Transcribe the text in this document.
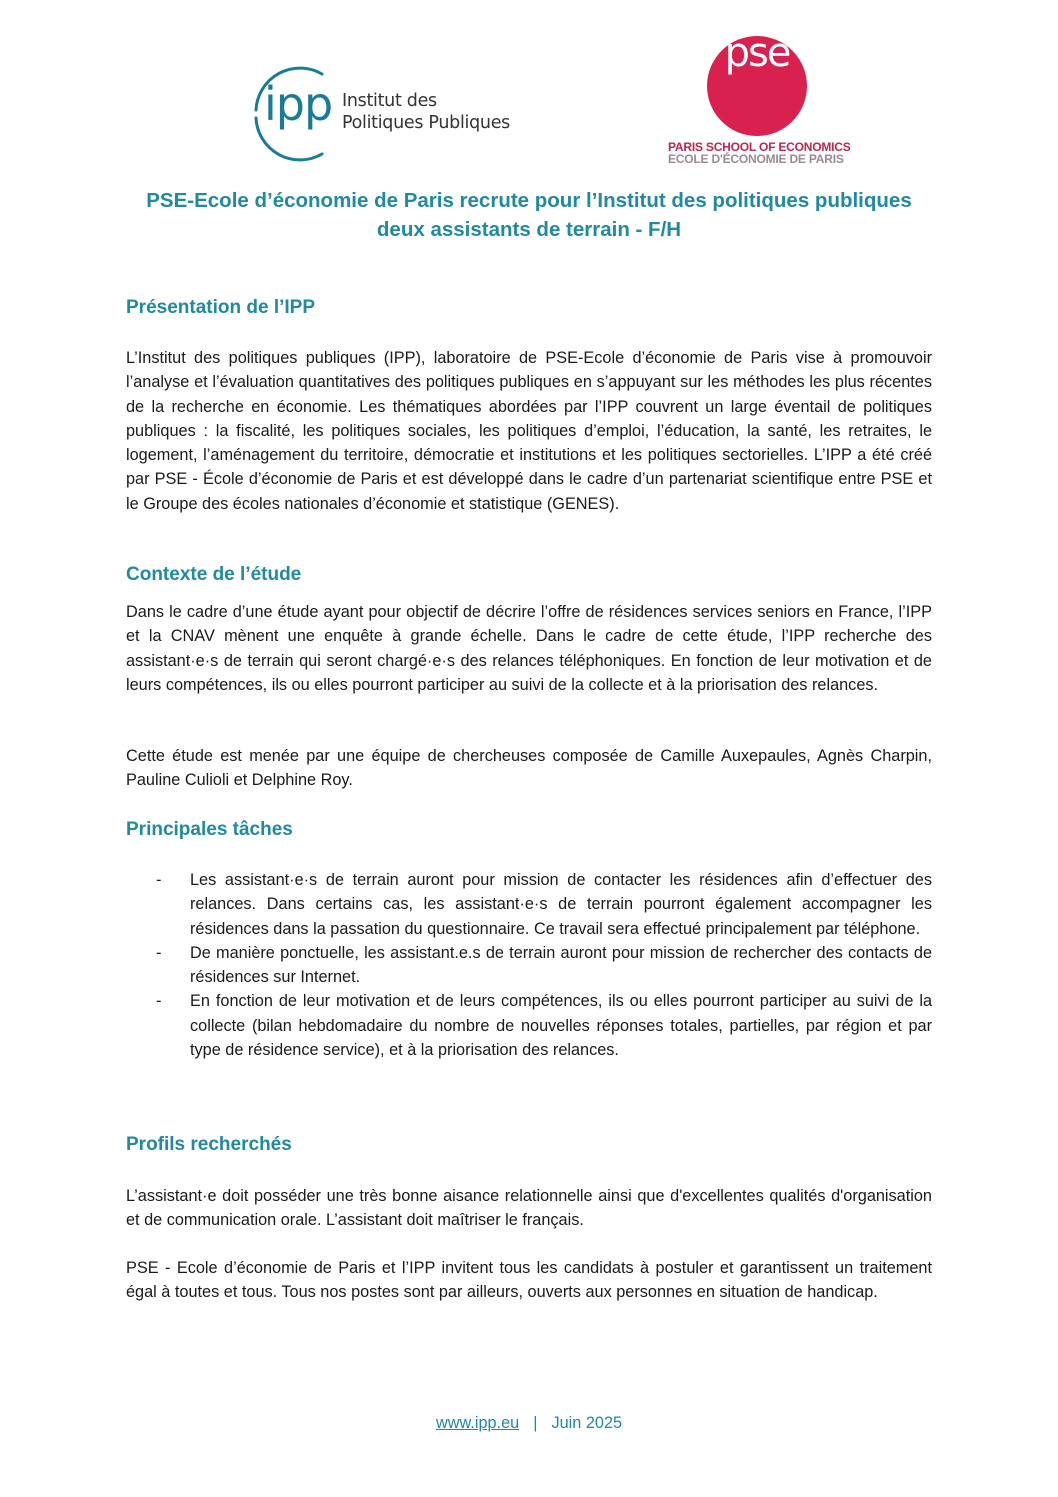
ipp Institut des
Politiques Publiques
pse
PARIS SCHOOL OF ECONOMICS
ECOLE D'ÉCONOMIE DE PARIS
PSE-Ecole d’économie de Paris recrute pour l’Institut des politiques publiques
deux assistants de terrain - F/H
Présentation de l’IPP

L’Institut des politiques publiques (IPP), laboratoire de PSE-Ecole d’économie de Paris vise à promouvoir l’analyse et l’évaluation quantitatives des politiques publiques en s’appuyant sur les méthodes les plus récentes de la recherche en économie. Les thématiques abordées par l’IPP couvrent un large éventail de politiques publiques : la fiscalité, les politiques sociales, les politiques d’emploi, l’éducation, la santé, les retraites, le logement, l’aménagement du territoire, démocratie et institutions et les politiques sectorielles. L’IPP a été créé par PSE - École d’économie de Paris et est développé dans le cadre d’un partenariat scientifique entre PSE et le Groupe des écoles nationales d’économie et statistique (GENES).

Contexte de l’étude

Dans le cadre d’une étude ayant pour objectif de décrire l’offre de résidences services seniors en France, l’IPP et la CNAV mènent une enquête à grande échelle. Dans le cadre de cette étude, l’IPP recherche des assistant·e·s de terrain qui seront chargé·e·s des relances téléphoniques. En fonction de leur motivation et de leurs compétences, ils ou elles pourront participer au suivi de la collecte et à la priorisation des relances.

Cette étude est menée par une équipe de chercheuses composée de Camille Auxepaules, Agnès Charpin, Pauline Culioli et Delphine Roy.

Principales tâches
- Les assistant·e·s de terrain auront pour mission de contacter les résidences afin d’effectuer des relances. Dans certains cas, les assistant·e·s de terrain pourront également accompagner les résidences dans la passation du questionnaire. Ce travail sera effectué principalement par téléphone.
- De manière ponctuelle, les assistant.e.s de terrain auront pour mission de rechercher des contacts de résidences sur Internet.
- En fonction de leur motivation et de leurs compétences, ils ou elles pourront participer au suivi de la collecte (bilan hebdomadaire du nombre de nouvelles réponses totales, partielles, par région et par type de résidence service), et à la priorisation des relances.
Profils recherchés

L’assistant·e doit posséder une très bonne aisance relationnelle ainsi que d'excellentes qualités d'organisation et de communication orale. L’assistant doit maîtriser le français.

PSE - Ecole d’économie de Paris et l’IPP invitent tous les candidats à postuler et garantissent un traitement égal à toutes et tous. Tous nos postes sont par ailleurs, ouverts aux personnes en situation de handicap.

www.ipp.eu | Juin 2025
